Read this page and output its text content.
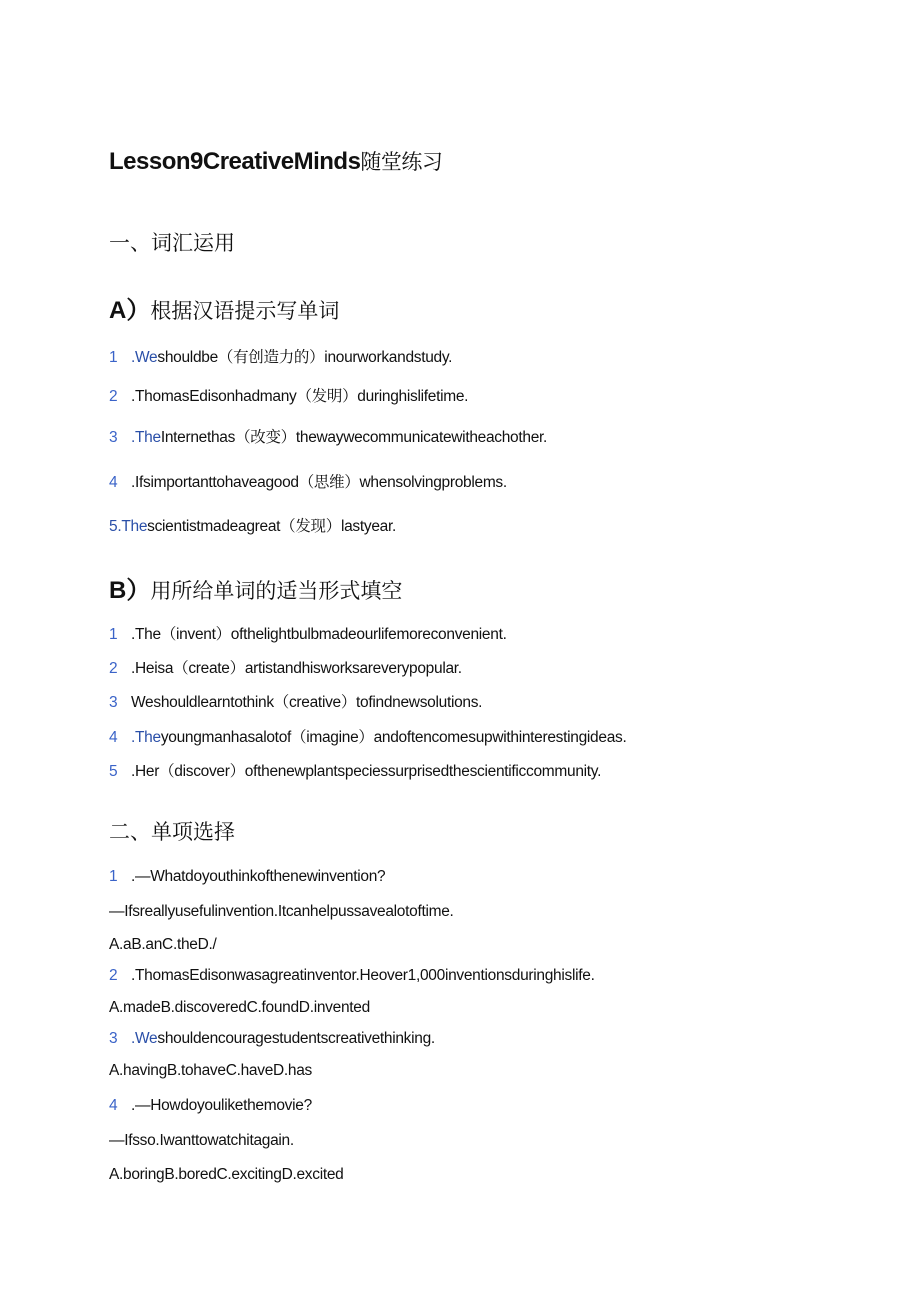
Lesson9CreativeMinds随堂练习
一、词汇运用
A）根据汉语提示写单词
1 .Weshouldbe（有创造力的）inourworkandstudy.
2 .ThomasEdisonhadmany（发明）duringhislifetime.
3 .TheInternethas（改变）thewaywecommunicatewitheachother.
4 .Ifsimportanttohaveagood（思维）whensolvingproblems.
5.Thescientistmadeagreat（发现）lastyear.
B）用所给单词的适当形式填空
1 .The（invent）ofthelightbulbmadeourlifemoreconvenient.
2 .Heisa（create）artistandhisworksareverypopular.
3 Weshouldlearntothink（creative）tofindnewsolutions.
4 .Theyoungmanhasalotof（imagine）andoftencomesupwithinterestingideas.
5 .Her（discover）ofthenewplantspeciessurprisedthescientificcommunity.
二、单项选择
1 .—Whatdoyouthinkofthenewinvention?
—Ifsreallyusefulinvention.Itcanhelpussavealotoftime.
A.aB.anC.theD./
2 .ThomasEdisonwasagreatinventor.Heover1,000inventionsduringhislife.
A.madeB.discoveredC.foundD.invented
3 .Weshouldencouragestudentscreativethinking.
A.havingB.tohaveC.haveD.has
4 .—Howdoyoulikethemovie?
—Ifsso.Iwanttowatchitagain.
A.boringB.boredC.excitingD.excited
